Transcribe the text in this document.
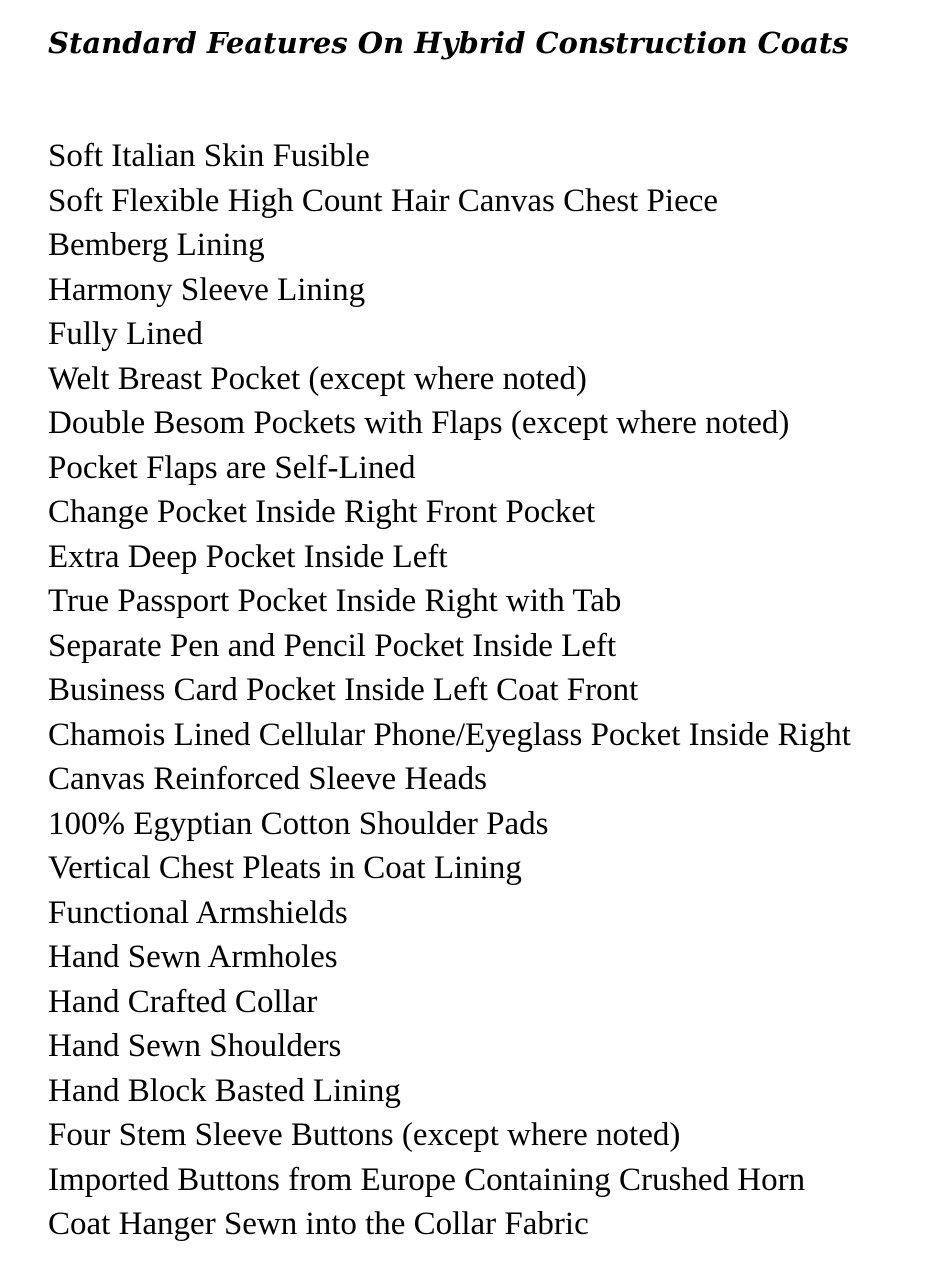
Standard Features On Hybrid Construction Coats
Soft Italian Skin Fusible
Soft Flexible High Count Hair Canvas Chest Piece
Bemberg Lining
Harmony Sleeve Lining
Fully Lined
Welt Breast Pocket (except where noted)
Double Besom Pockets with Flaps (except where noted)
Pocket Flaps are Self-Lined
Change Pocket Inside Right Front Pocket
Extra Deep Pocket Inside Left
True Passport Pocket Inside Right with Tab
Separate Pen and Pencil Pocket Inside Left
Business Card Pocket Inside Left Coat Front
Chamois Lined Cellular Phone/Eyeglass Pocket Inside Right
Canvas Reinforced Sleeve Heads
100% Egyptian Cotton Shoulder Pads
Vertical Chest Pleats in Coat Lining
Functional Armshields
Hand Sewn Armholes
Hand Crafted Collar
Hand Sewn Shoulders
Hand Block Basted Lining
Four Stem Sleeve Buttons (except where noted)
Imported Buttons from Europe Containing Crushed Horn
Coat Hanger Sewn into the Collar Fabric
